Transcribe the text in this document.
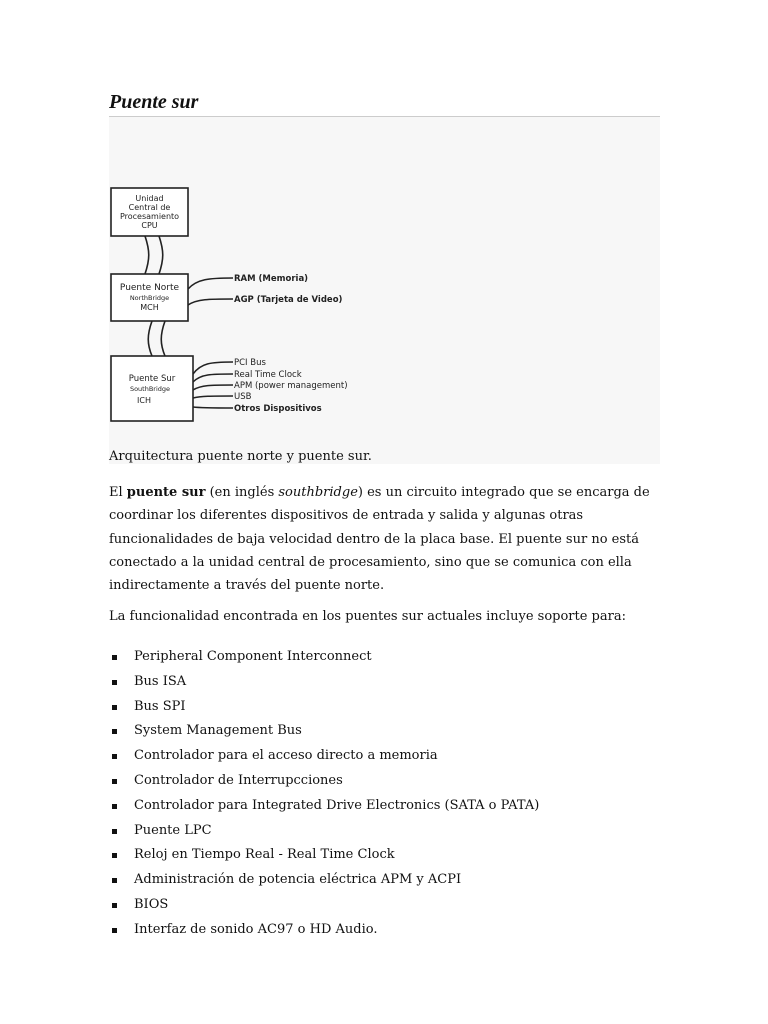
Puente sur
Unidad
Central de
Procesamiento
CPU
Puente Norte
NorthBridge
MCH
RAM (Memoria)
AGP (Tarjeta de Video)
Puente Sur
SouthBridge
ICH
PCI Bus
Real Time Clock
APM (power management)
USB
Otros Dispositivos
Arquitectura puente norte y puente sur.

El puente sur (en inglés southbridge) es un circuito integrado que se encarga de coordinar los diferentes dispositivos de entrada y salida y algunas otras funcionalidades de baja velocidad dentro de la placa base. El puente sur no está conectado a la unidad central de procesamiento, sino que se comunica con ella indirectamente a través del puente norte.

La funcionalidad encontrada en los puentes sur actuales incluye soporte para:

Peripheral Component Interconnect
Bus ISA
Bus SPI
System Management Bus
Controlador para el acceso directo a memoria
Controlador de Interrupcciones
Controlador para Integrated Drive Electronics (SATA o PATA)
Puente LPC
Reloj en Tiempo Real - Real Time Clock
Administración de potencia eléctrica APM y ACPI
BIOS
Interfaz de sonido AC97 o HD Audio.
